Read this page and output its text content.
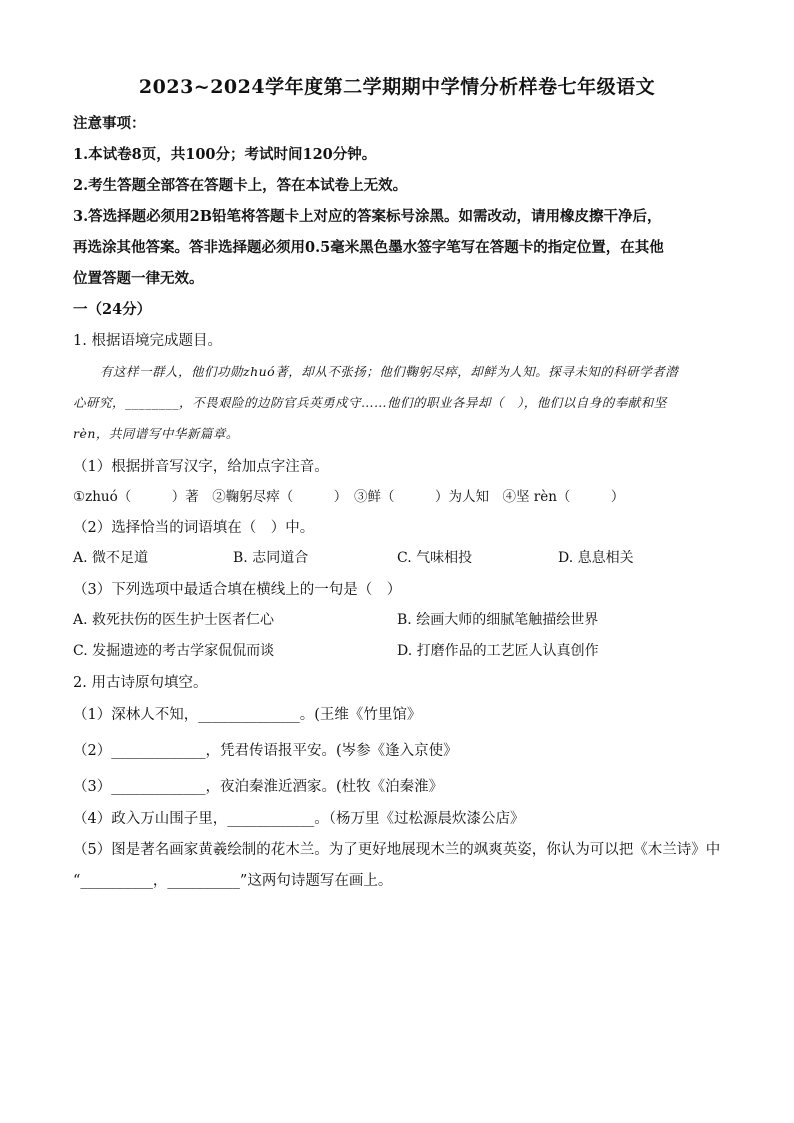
2023~2024学年度第二学期期中学情分析样卷七年级语文
注意事项：
1.本试卷8页，共100分；考试时间120分钟。
2.考生答题全部答在答题卡上，答在本试卷上无效。
3.答选择题必须用2B铅笔将答题卡上对应的答案标号涂黑。如需改动，请用橡皮擦干净后，
再选涂其他答案。答非选择题必须用0.5毫米黑色墨水签字笔写在答题卡的指定位置，在其他
位置答题一律无效。
一（24分）
1. 根据语境完成题目。
有这样一群人，他们功勋zhuó著，却从不张扬；他们鞠躬尽瘁，却鲜为人知。探寻未知的科研学者潜
心研究，________，不畏艰险的边防官兵英勇戍守……他们的职业各异却（　），他们以自身的奉献和坚
rèn，共同谱写中华新篇章。
（1）根据拼音写汉字，给加点字注音。
①zhuó（　　　）著　②鞠躬尽瘁（　　　）　③鲜（　　　）为人知　④坚 rèn（　　　）
（2）选择恰当的词语填在（　）中。
A. 微不足道	B. 志同道合	C. 气味相投	D. 息息相关
（3）下列选项中最适合填在横线上的一句是（　）
A. 救死扶伤的医生护士医者仁心	B. 绘画大师的细腻笔触描绘世界
C. 发掘遗迹的考古学家侃侃而谈	D. 打磨作品的工艺匠人认真创作
2. 用古诗原句填空。
（1）深林人不知，______________。(王维《竹里馆》
（2）_____________，凭君传语报平安。(岑参《逢入京使》
（3）_____________，夜泊秦淮近酒家。(杜牧《泊秦淮》
（4）政入万山围子里，____________。（杨万里《过松源晨炊漆公店》
（5）图是著名画家黄羲绘制的花木兰。为了更好地展现木兰的飒爽英姿，你认为可以把《木兰诗》中
“__________，__________”这两句诗题写在画上。
